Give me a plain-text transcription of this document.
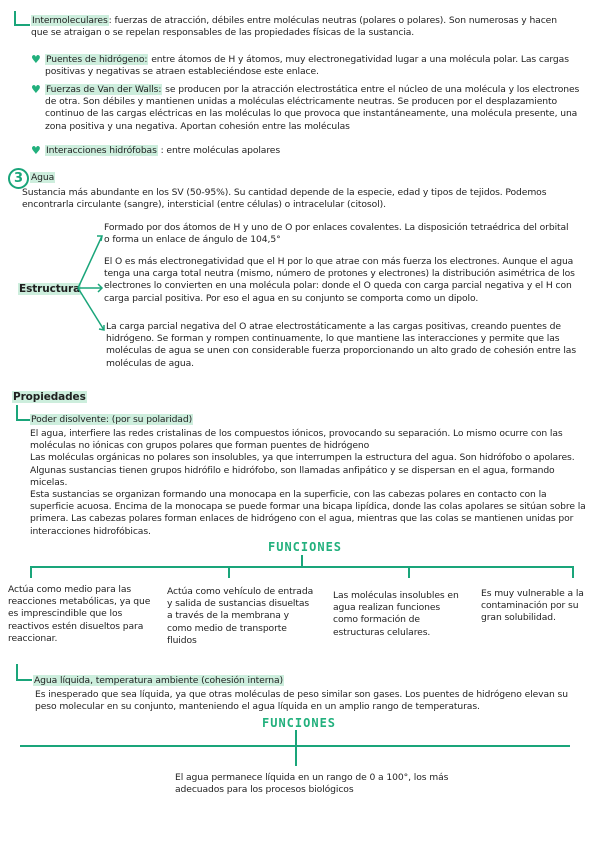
Intermoleculares: fuerzas de atracción, débiles entre moléculas neutras (polares o polares). Son numerosas y hacen que se atraigan o se repelan responsables de las propiedades físicas de la sustancia.
♥ Puentes de hidrógeno: entre átomos de H y átomos, muy electronegatividad lugar a una molécula polar. Las cargas positivas y negativas se atraen estableciéndose este enlace.
♥ Fuerzas de Van der Walls: se producen por la atracción electrostática entre el núcleo de una molécula y los electrones de otra. Son débiles y mantienen unidas a moléculas eléctricamente neutras. Se producen por el desplazamiento continuo de las cargas eléctricas en las moléculas lo que provoca que instantáneamente, una molécula presente, una zona positiva y una negativa. Aportan cohesión entre las moléculas
♥ Interacciones hidrófobas : entre moléculas apolares
3 Agua
Sustancia más abundante en los SV (50-95%). Su cantidad depende de la especie, edad y tipos de tejidos. Podemos encontrarla circulante (sangre), intersticial (entre células) o intracelular (citosol).
Estructura
Formado por dos átomos de H y uno de O por enlaces covalentes. La disposición tetraédrica del orbital o forma un enlace de ángulo de 104,5°
El O es más electronegatividad que el H por lo que atrae con más fuerza los electrones. Aunque el agua tenga una carga total neutra (mismo, número de protones y electrones) la distribución asimétrica de los electrones lo convierten en una molécula polar: donde el O queda con carga parcial negativa y el H con carga parcial positiva. Por eso el agua en su conjunto se comporta como un dipolo.
La carga parcial negativa del O atrae electrostáticamente a las cargas positivas, creando puentes de hidrógeno. Se forman y rompen continuamente, lo que mantiene las interacciones y permite que las moléculas de agua se unen con considerable fuerza proporcionando un alto grado de cohesión entre las moléculas de agua.
Propiedades
Poder disolvente: (por su polaridad)
El agua, interfiere las redes cristalinas de los compuestos iónicos, provocando su separación. Lo mismo ocurre con las moléculas no iónicas con grupos polares que forman puentes de hidrógeno
Las moléculas orgánicas no polares son insolubles, ya que interrumpen la estructura del agua. Son hidrófobo o apolares. Algunas sustancias tienen grupos hidrófilo e hidrófobo, son llamadas anfipático y se dispersan en el agua, formando micelas.
Esta sustancias se organizan formando una monocapa en la superficie, con las cabezas polares en contacto con la superficie acuosa. Encima de la monocapa se puede formar una bicapa lipídica, donde las colas apolares se sitúan sobre la primera. Las cabezas polares forman enlaces de hidrógeno con el agua, mientras que las colas se mantienen unidas por interacciones hidrofóbicas.
FUNCIONES
Actúa como medio para las reacciones metabólicas, ya que es imprescindible que los reactivos estén disueltos para reaccionar.
Actúa como vehículo de entrada y salida de sustancias disueltas a través de la membrana y como medio de transporte fluidos
Las moléculas insolubles en agua realizan funciones como formación de estructuras celulares.
Es muy vulnerable a la contaminación por su gran solubilidad.
Agua líquida, temperatura ambiente (cohesión interna)
Es inesperado que sea líquida, ya que otras moléculas de peso similar son gases. Los puentes de hidrógeno elevan su peso molecular en su conjunto, manteniendo el agua líquida en un amplio rango de temperaturas.
FUNCIONES
El agua permanece líquida en un rango de 0 a 100°, los más adecuados para los procesos biológicos
